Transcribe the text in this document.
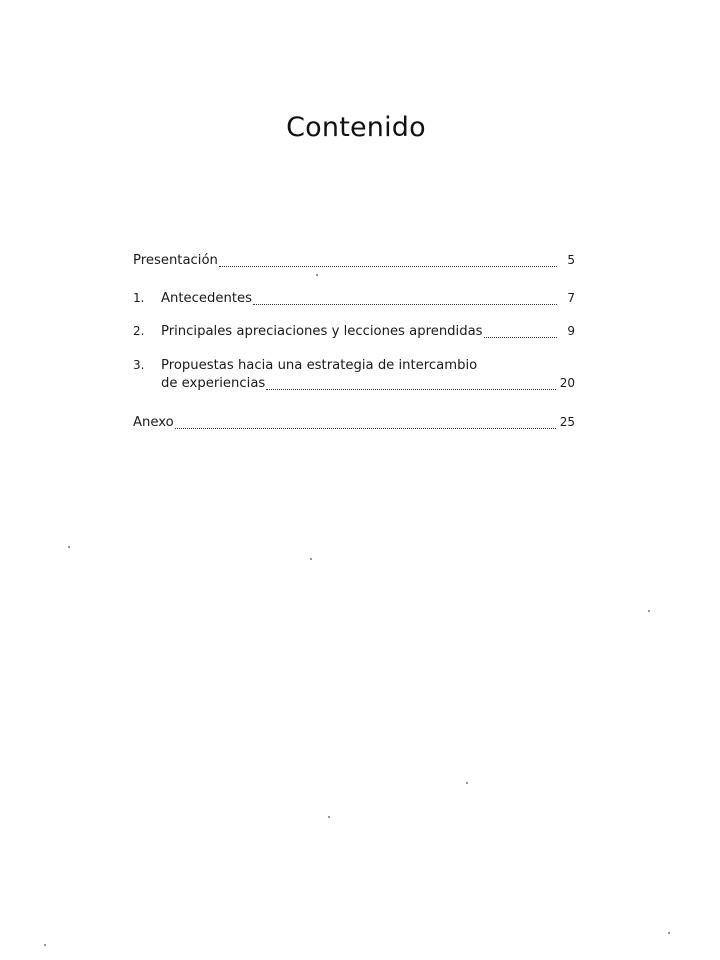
Contenido
Presentación	5
1.	Antecedentes	7
2.	Principales apreciaciones y lecciones aprendidas	9
3.	Propuestas hacia una estrategia de intercambio
de experiencias	20
Anexo	25
